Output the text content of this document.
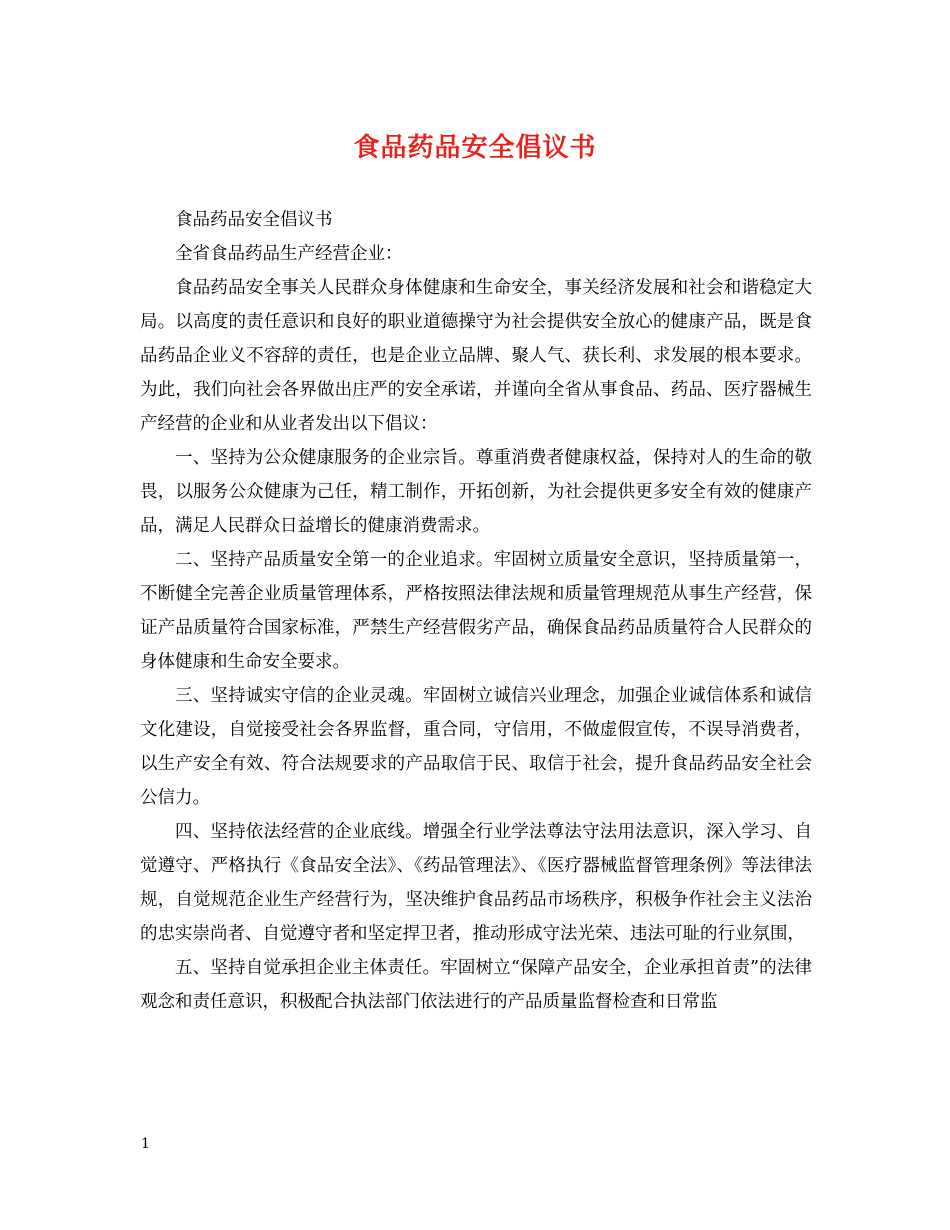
食品药品安全倡议书

食品药品安全倡议书

全省食品药品生产经营企业：

食品药品安全事关人民群众身体健康和生命安全，事关经济发展和社会和谐稳定大局。以高度的责任意识和良好的职业道德操守为社会提供安全放心的健康产品，既是食品药品企业义不容辞的责任，也是企业立品牌、聚人气、获长利、求发展的根本要求。为此，我们向社会各界做出庄严的安全承诺，并谨向全省从事食品、药品、医疗器械生产经营的企业和从业者发出以下倡议：

一、坚持为公众健康服务的企业宗旨。尊重消费者健康权益，保持对人的生命的敬畏，以服务公众健康为己任，精工制作，开拓创新，为社会提供更多安全有效的健康产品，满足人民群众日益增长的健康消费需求。

二、坚持产品质量安全第一的企业追求。牢固树立质量安全意识，坚持质量第一，不断健全完善企业质量管理体系，严格按照法律法规和质量管理规范从事生产经营，保证产品质量符合国家标准，严禁生产经营假劣产品，确保食品药品质量符合人民群众的身体健康和生命安全要求。

三、坚持诚实守信的企业灵魂。牢固树立诚信兴业理念，加强企业诚信体系和诚信文化建设，自觉接受社会各界监督，重合同，守信用，不做虚假宣传，不误导消费者，以生产安全有效、符合法规要求的产品取信于民、取信于社会，提升食品药品安全社会公信力。

四、坚持依法经营的企业底线。增强全行业学法尊法守法用法意识，深入学习、自觉遵守、严格执行《食品安全法》、《药品管理法》、《医疗器械监督管理条例》等法律法规，自觉规范企业生产经营行为，坚决维护食品药品市场秩序，积极争作社会主义法治的忠实崇尚者、自觉遵守者和坚定捍卫者，推动形成守法光荣、违法可耻的行业氛围，

五、坚持自觉承担企业主体责任。牢固树立“保障产品安全，企业承担首责”的法律观念和责任意识，积极配合执法部门依法进行的产品质量监督检查和日常监

1
